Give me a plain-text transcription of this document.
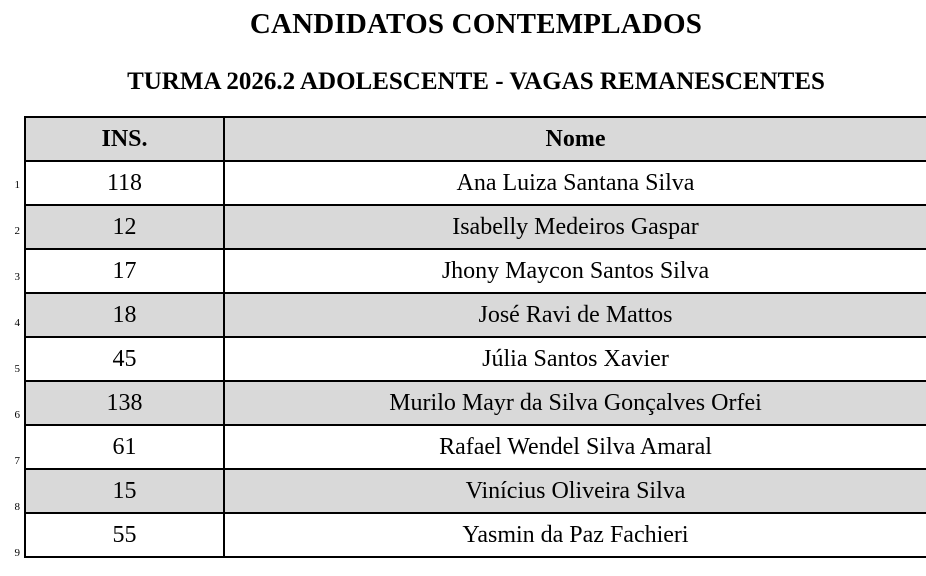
CANDIDATOS CONTEMPLADOS
TURMA 2026.2 ADOLESCENTE - VAGAS REMANESCENTES
1
2
3
4
5
6
7
8
9
INS.	Nome
118	Ana Luiza Santana Silva
12	Isabelly Medeiros Gaspar
17	Jhony Maycon Santos Silva
18	José Ravi de Mattos
45	Júlia Santos Xavier
138	Murilo Mayr da Silva Gonçalves Orfei
61	Rafael Wendel Silva Amaral
15	Vinícius Oliveira Silva
55	Yasmin da Paz Fachieri
